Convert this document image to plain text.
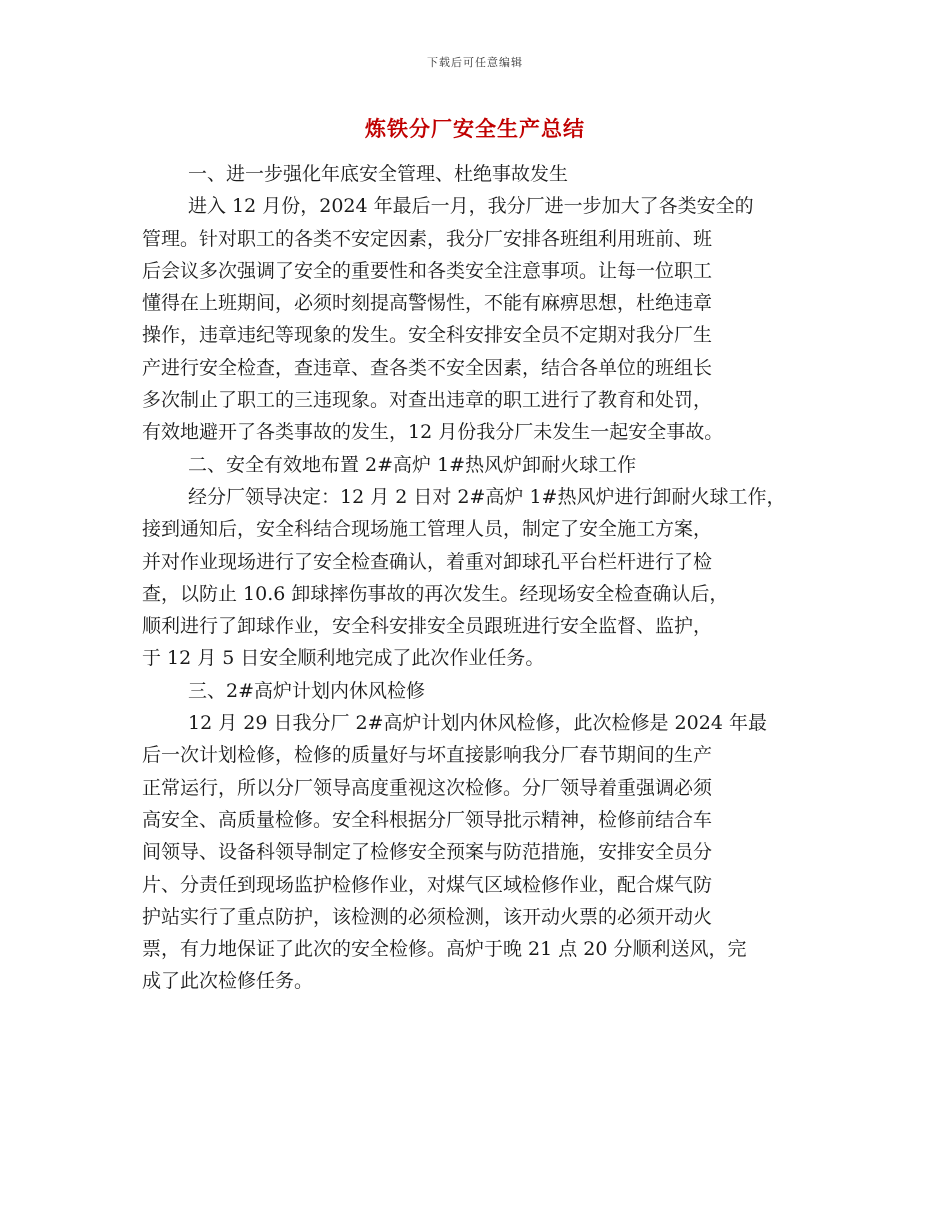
下载后可任意编辑
炼铁分厂安全生产总结
一、进一步强化年底安全管理、杜绝事故发生
进入 12 月份，2024 年最后一月，我分厂进一步加大了各类安全的
管理。针对职工的各类不安定因素，我分厂安排各班组利用班前、班
后会议多次强调了安全的重要性和各类安全注意事项。让每一位职工
懂得在上班期间，必须时刻提高警惕性，不能有麻痹思想，杜绝违章
操作，违章违纪等现象的发生。安全科安排安全员不定期对我分厂生
产进行安全检查，查违章、查各类不安全因素，结合各单位的班组长
多次制止了职工的三违现象。对查出违章的职工进行了教育和处罚，
有效地避开了各类事故的发生，12 月份我分厂未发生一起安全事故。
二、安全有效地布置 2#高炉 1#热风炉卸耐火球工作
经分厂领导决定：12 月 2 日对 2#高炉 1#热风炉进行卸耐火球工作，
接到通知后，安全科结合现场施工管理人员，制定了安全施工方案，
并对作业现场进行了安全检查确认，着重对卸球孔平台栏杆进行了检
查，以防止 10.6 卸球摔伤事故的再次发生。经现场安全检查确认后，
顺利进行了卸球作业，安全科安排安全员跟班进行安全监督、监护，
于 12 月 5 日安全顺利地完成了此次作业任务。
三、2#高炉计划内休风检修
12 月 29 日我分厂 2#高炉计划内休风检修，此次检修是 2024 年最
后一次计划检修，检修的质量好与坏直接影响我分厂春节期间的生产
正常运行，所以分厂领导高度重视这次检修。分厂领导着重强调必须
高安全、高质量检修。安全科根据分厂领导批示精神，检修前结合车
间领导、设备科领导制定了检修安全预案与防范措施，安排安全员分
片、分责任到现场监护检修作业，对煤气区域检修作业，配合煤气防
护站实行了重点防护，该检测的必须检测，该开动火票的必须开动火
票，有力地保证了此次的安全检修。高炉于晚 21 点 20 分顺利送风，完
成了此次检修任务。
